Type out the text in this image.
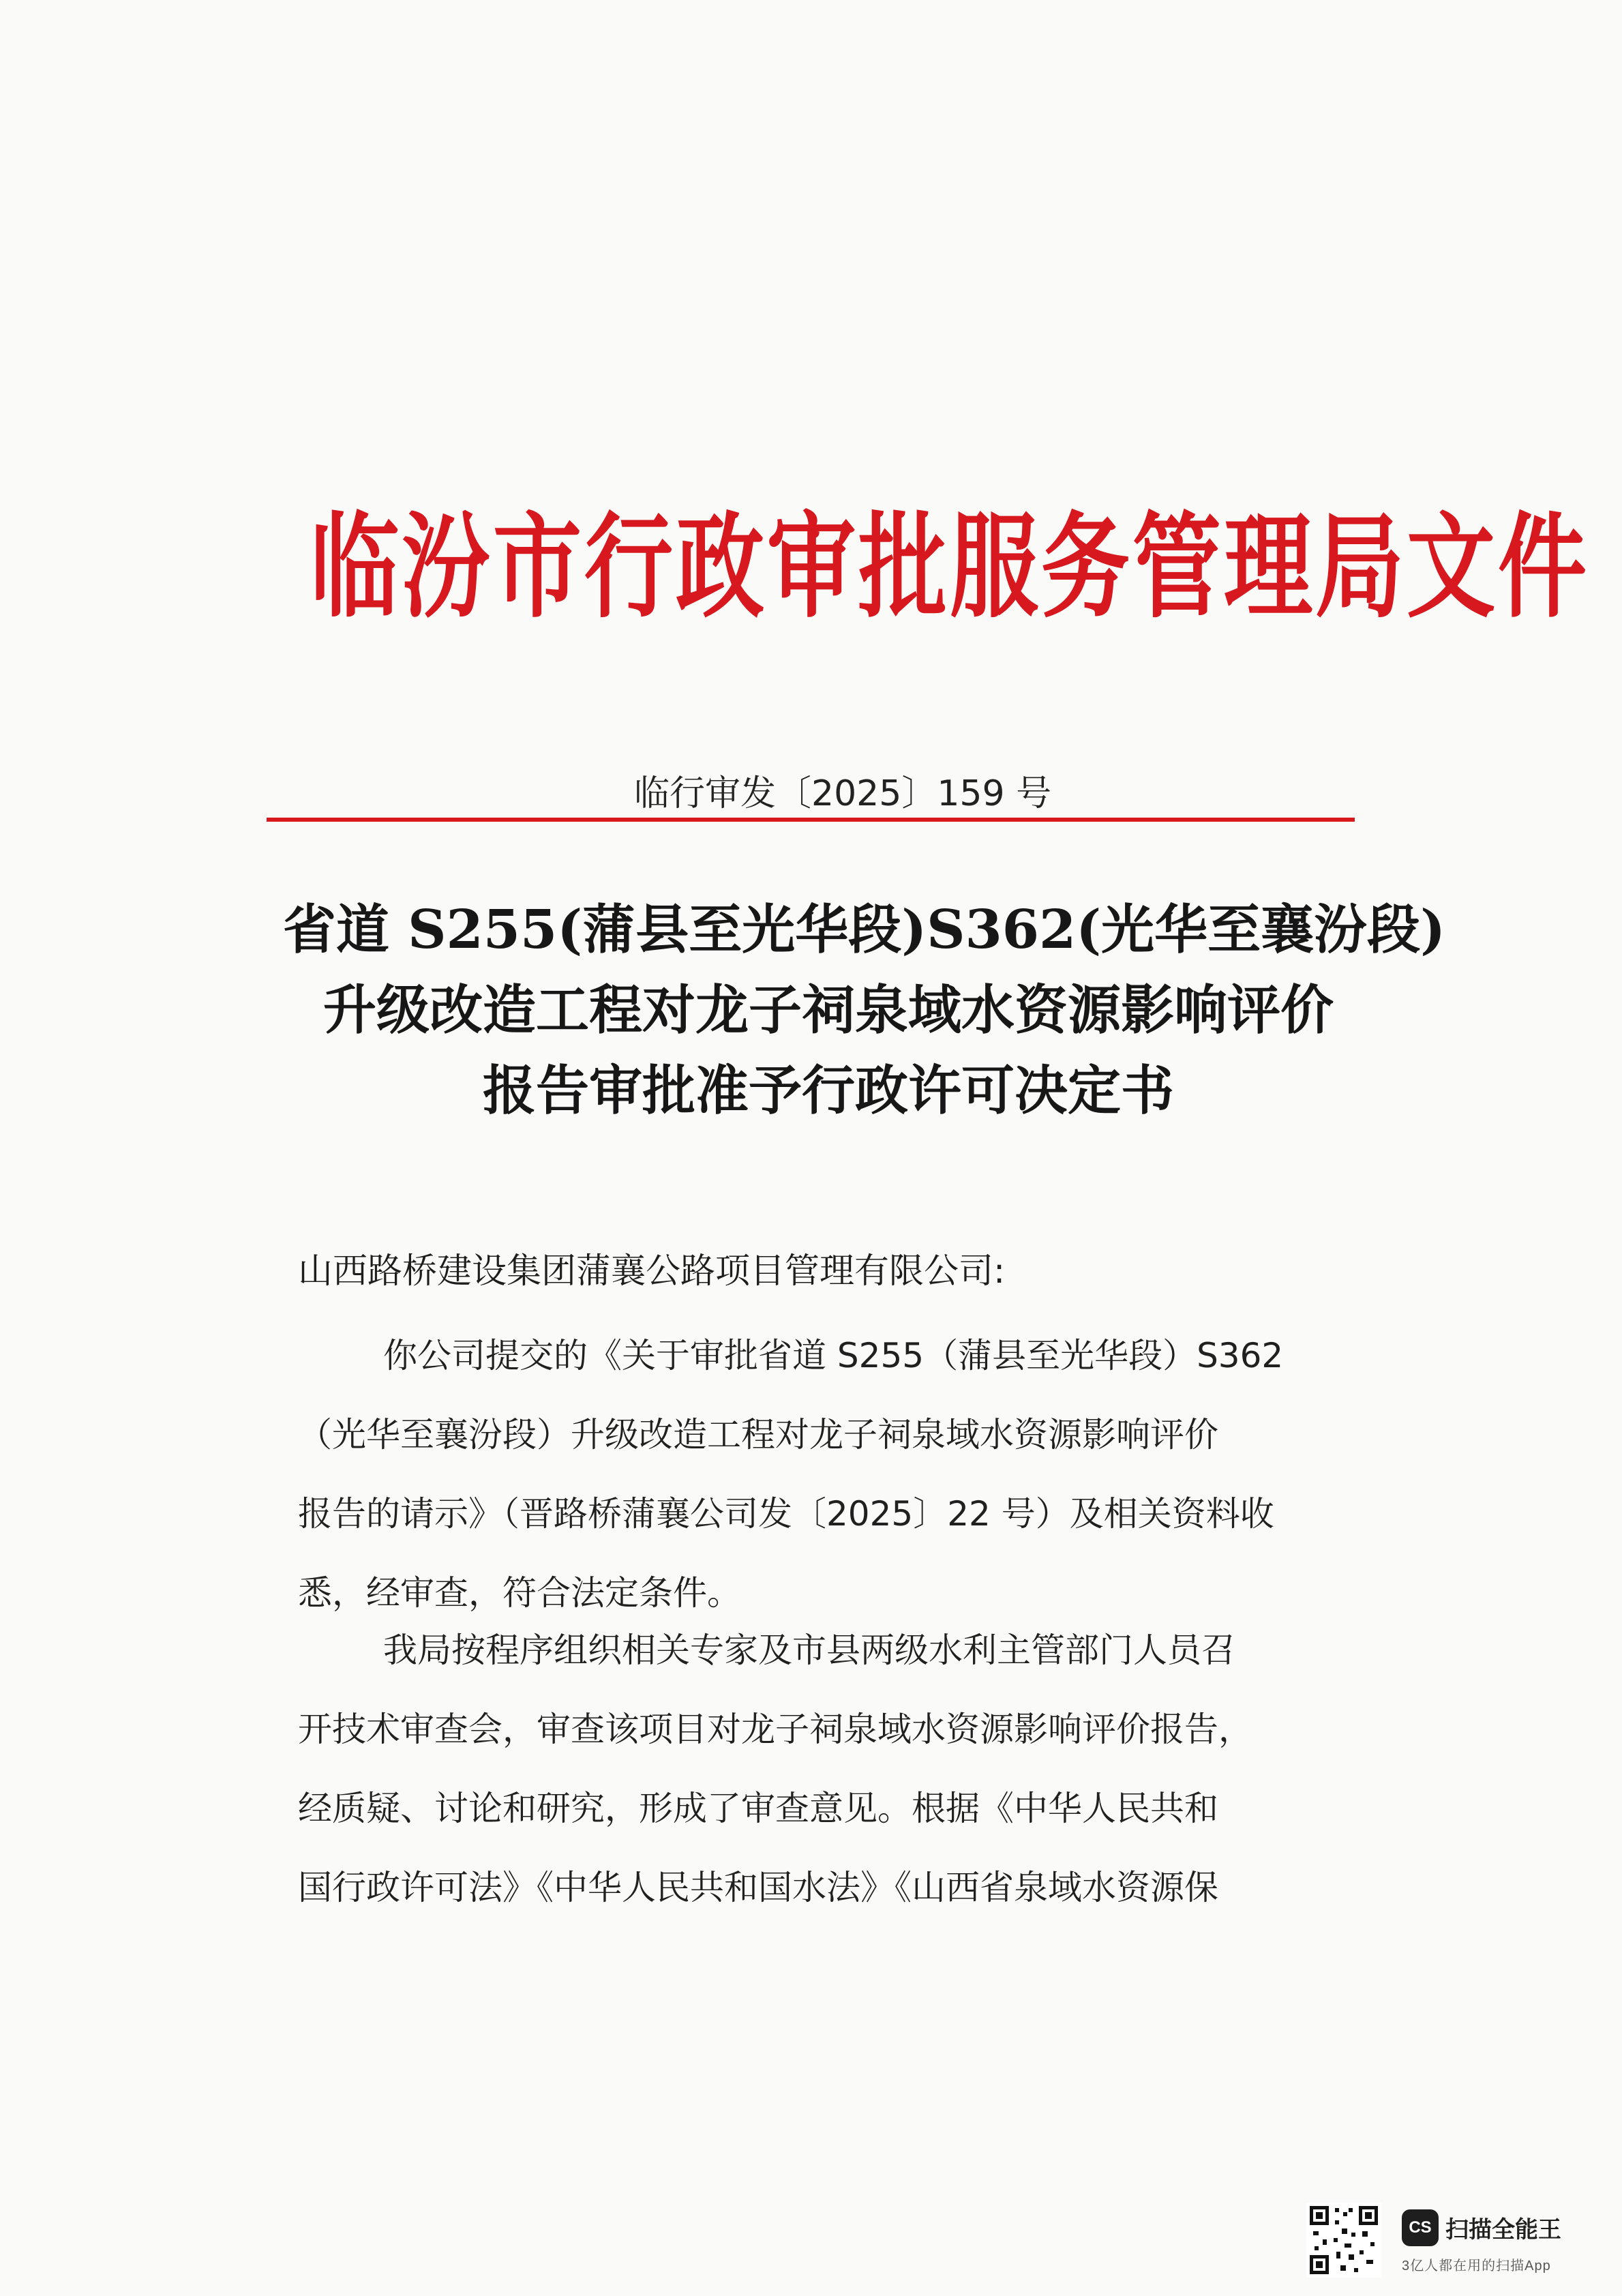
临汾市行政审批服务管理局文件
临行审发〔2025〕159 号
省道 S255(蒲县至光华段)S362(光华至襄汾段)
升级改造工程对龙子祠泉域水资源影响评价
报告审批准予行政许可决定书
山西路桥建设集团蒲襄公路项目管理有限公司:
你公司提交的《关于审批省道 S255（蒲县至光华段）S362
（光华至襄汾段）升级改造工程对龙子祠泉域水资源影响评价
报告的请示》（晋路桥蒲襄公司发〔2025〕22 号）及相关资料收
悉，经审查，符合法定条件。
我局按程序组织相关专家及市县两级水利主管部门人员召
开技术审查会，审查该项目对龙子祠泉域水资源影响评价报告，
经质疑、讨论和研究，形成了审查意见。根据《中华人民共和
国行政许可法》《中华人民共和国水法》《山西省泉域水资源保
CS 扫描全能王
3亿人都在用的扫描App
